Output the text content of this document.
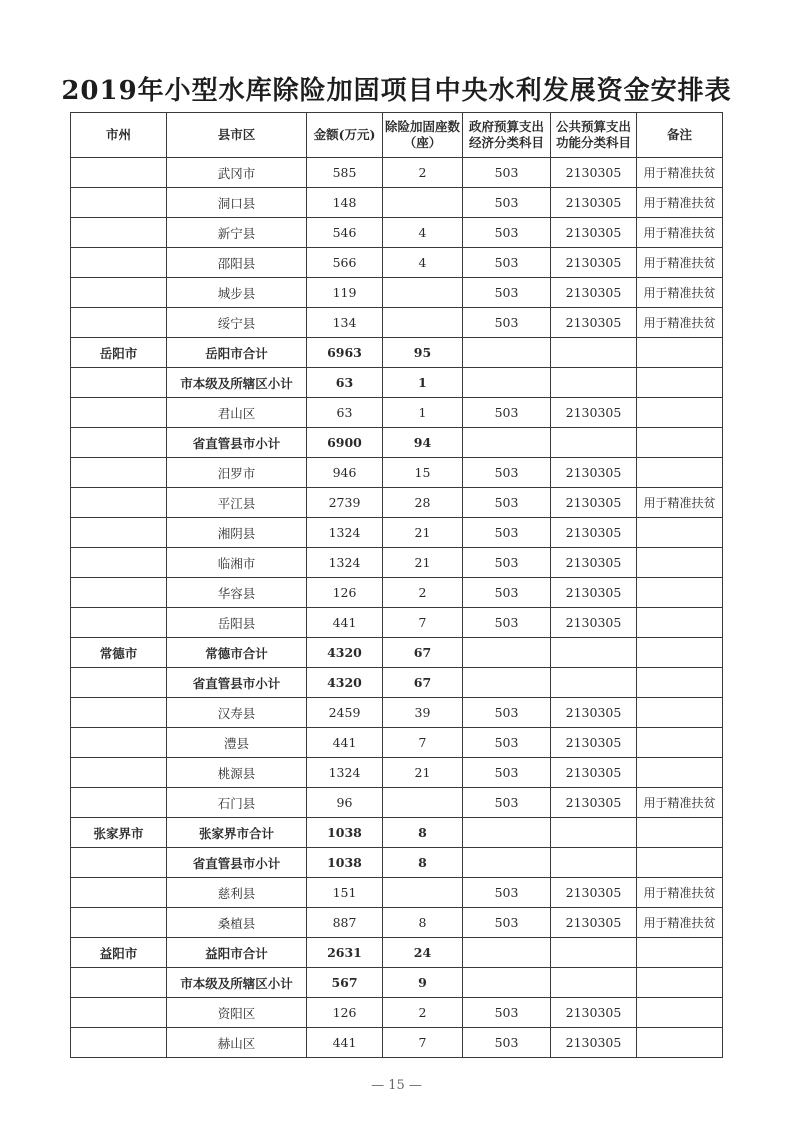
2019年小型水库除险加固项目中央水利发展资金安排表
市州	县市区	金额(万元)	除险加固座数（座）	政府预算支出经济分类科目	公共预算支出功能分类科目	备注
	武冈市	585	2	503	2130305	用于精准扶贫
	洞口县	148		503	2130305	用于精准扶贫
	新宁县	546	4	503	2130305	用于精准扶贫
	邵阳县	566	4	503	2130305	用于精准扶贫
	城步县	119		503	2130305	用于精准扶贫
	绥宁县	134		503	2130305	用于精准扶贫
岳阳市	岳阳市合计	6963	95			
	市本级及所辖区小计	63	1			
	君山区	63	1	503	2130305	
	省直管县市小计	6900	94			
	汨罗市	946	15	503	2130305	
	平江县	2739	28	503	2130305	用于精准扶贫
	湘阴县	1324	21	503	2130305	
	临湘市	1324	21	503	2130305	
	华容县	126	2	503	2130305	
	岳阳县	441	7	503	2130305	
常德市	常德市合计	4320	67			
	省直管县市小计	4320	67			
	汉寿县	2459	39	503	2130305	
	澧县	441	7	503	2130305	
	桃源县	1324	21	503	2130305	
	石门县	96		503	2130305	用于精准扶贫
张家界市	张家界市合计	1038	8			
	省直管县市小计	1038	8			
	慈利县	151		503	2130305	用于精准扶贫
	桑植县	887	8	503	2130305	用于精准扶贫
益阳市	益阳市合计	2631	24			
	市本级及所辖区小计	567	9			
	资阳区	126	2	503	2130305	
	赫山区	441	7	503	2130305	
— 15 —
